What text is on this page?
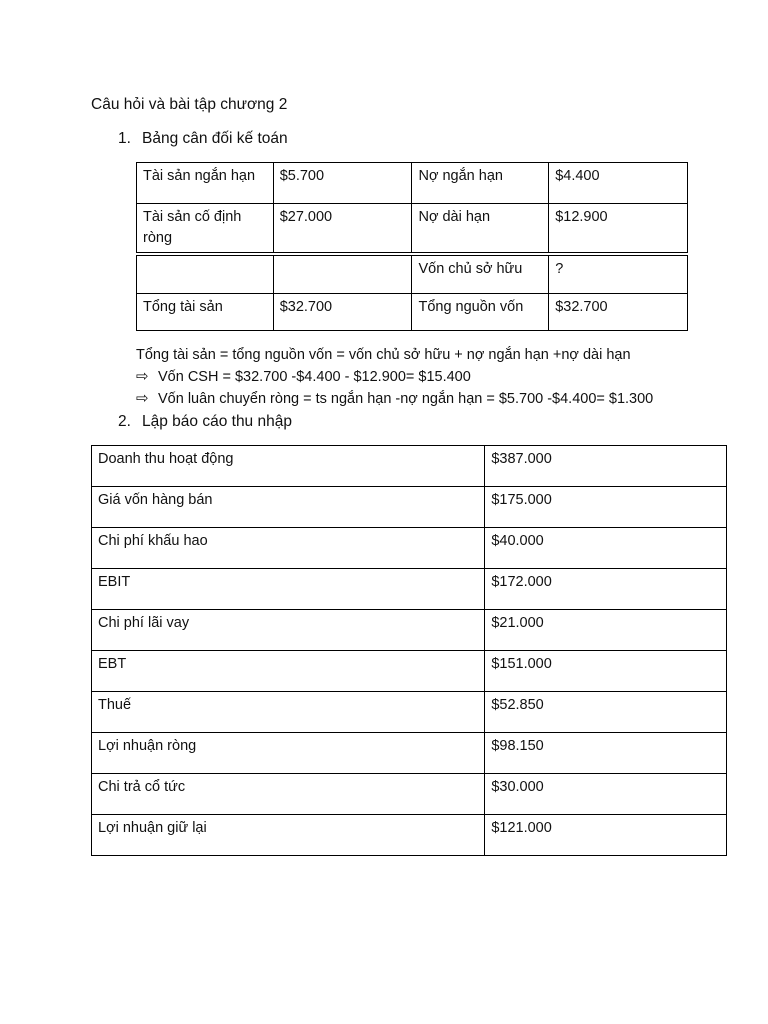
Câu hỏi và bài tập chương 2
1. Bảng cân đối kế toán
Tài sản ngắn hạn	$5.700	Nợ ngắn hạn	$4.400
Tài sản cố định ròng	$27.000	Nợ dài hạn	$12.900
		Vốn chủ sở hữu	?
Tổng tài sản	$32.700	Tổng nguồn vốn	$32.700
Tổng tài sản = tổng nguồn vốn = vốn chủ sở hữu + nợ ngắn hạn +nợ dài hạn
⇨ Vốn CSH = $32.700 -$4.400 - $12.900= $15.400
⇨ Vốn luân chuyển ròng = ts ngắn hạn -nợ ngắn hạn = $5.700 -$4.400= $1.300
2. Lập báo cáo thu nhập
Doanh thu hoạt động	$387.000
Giá vốn hàng bán	$175.000
Chi phí khấu hao	$40.000
EBIT	$172.000
Chi phí lãi vay	$21.000
EBT	$151.000
Thuế	$52.850
Lợi nhuận ròng	$98.150
Chi trả cổ tức	$30.000
Lợi nhuận giữ lại	$121.000
